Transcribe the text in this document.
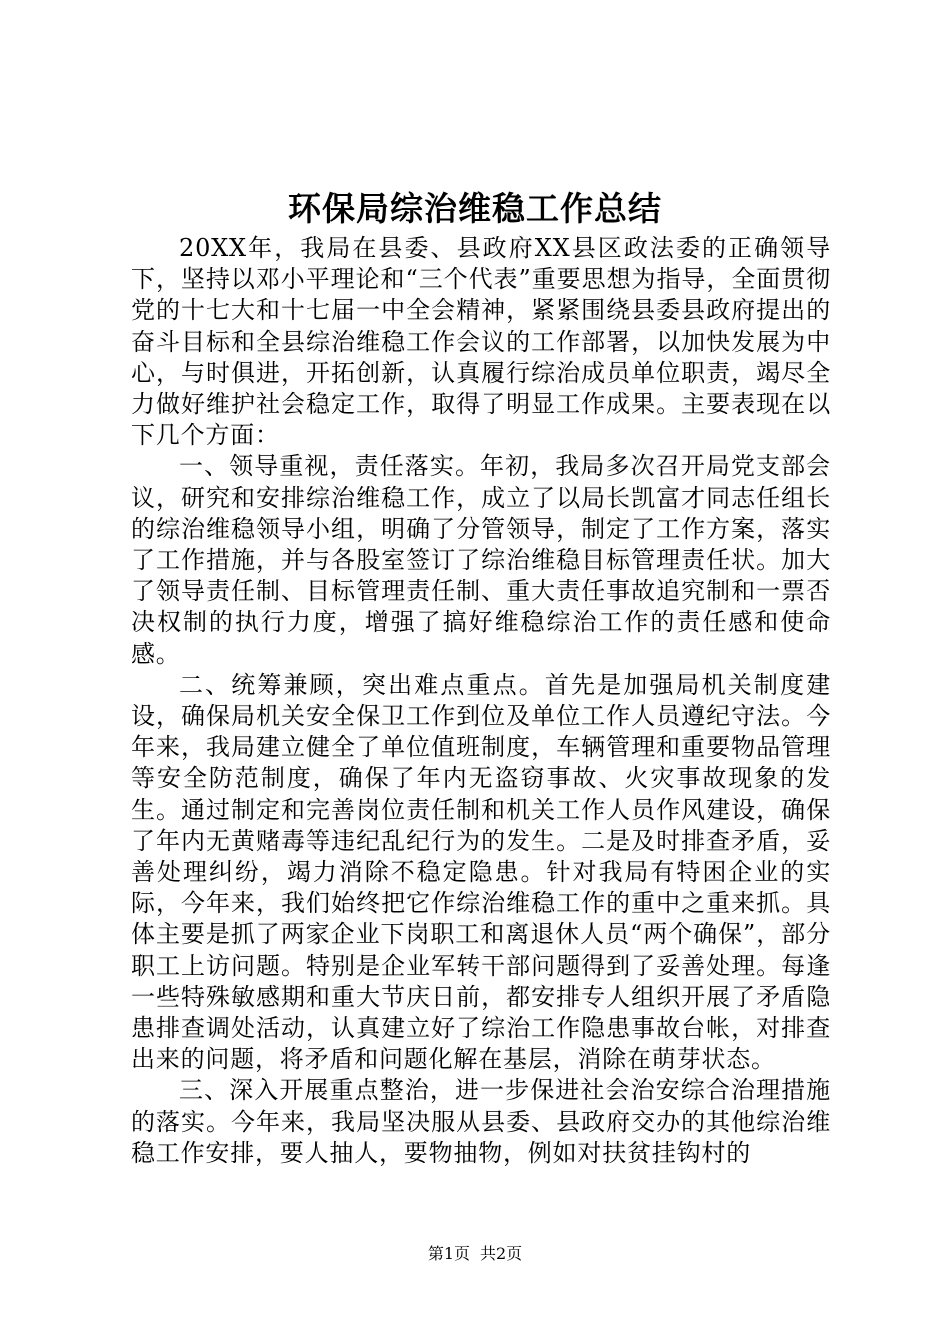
环保局综治维稳工作总结

20XX年，我局在县委、县政府XX县区政法委的正确领导下，坚持以邓小平理论和“三个代表”重要思想为指导，全面贯彻党的十七大和十七届一中全会精神，紧紧围绕县委县政府提出的奋斗目标和全县综治维稳工作会议的工作部署，以加快发展为中心，与时俱进，开拓创新，认真履行综治成员单位职责，竭尽全力做好维护社会稳定工作，取得了明显工作成果。主要表现在以下几个方面：

一、领导重视，责任落实。年初，我局多次召开局党支部会议，研究和安排综治维稳工作，成立了以局长凯富才同志任组长的综治维稳领导小组，明确了分管领导，制定了工作方案，落实了工作措施，并与各股室签订了综治维稳目标管理责任状。加大了领导责任制、目标管理责任制、重大责任事故追究制和一票否决权制的执行力度，增强了搞好维稳综治工作的责任感和使命感。

二、统筹兼顾，突出难点重点。首先是加强局机关制度建设，确保局机关安全保卫工作到位及单位工作人员遵纪守法。今年来，我局建立健全了单位值班制度，车辆管理和重要物品管理等安全防范制度，确保了年内无盗窃事故、火灾事故现象的发生。通过制定和完善岗位责任制和机关工作人员作风建设，确保了年内无黄赌毒等违纪乱纪行为的发生。二是及时排查矛盾，妥善处理纠纷，竭力消除不稳定隐患。针对我局有特困企业的实际，今年来，我们始终把它作综治维稳工作的重中之重来抓。具体主要是抓了两家企业下岗职工和离退休人员“两个确保”，部分职工上访问题。特别是企业军转干部问题得到了妥善处理。每逢一些特殊敏感期和重大节庆日前，都安排专人组织开展了矛盾隐患排查调处活动，认真建立好了综治工作隐患事故台帐，对排查出来的问题，将矛盾和问题化解在基层，消除在萌芽状态。

三、深入开展重点整治，进一步保进社会治安综合治理措施的落实。今年来，我局坚决服从县委、县政府交办的其他综治维稳工作安排，要人抽人，要物抽物，例如对扶贫挂钩村的

第1页 共2页
